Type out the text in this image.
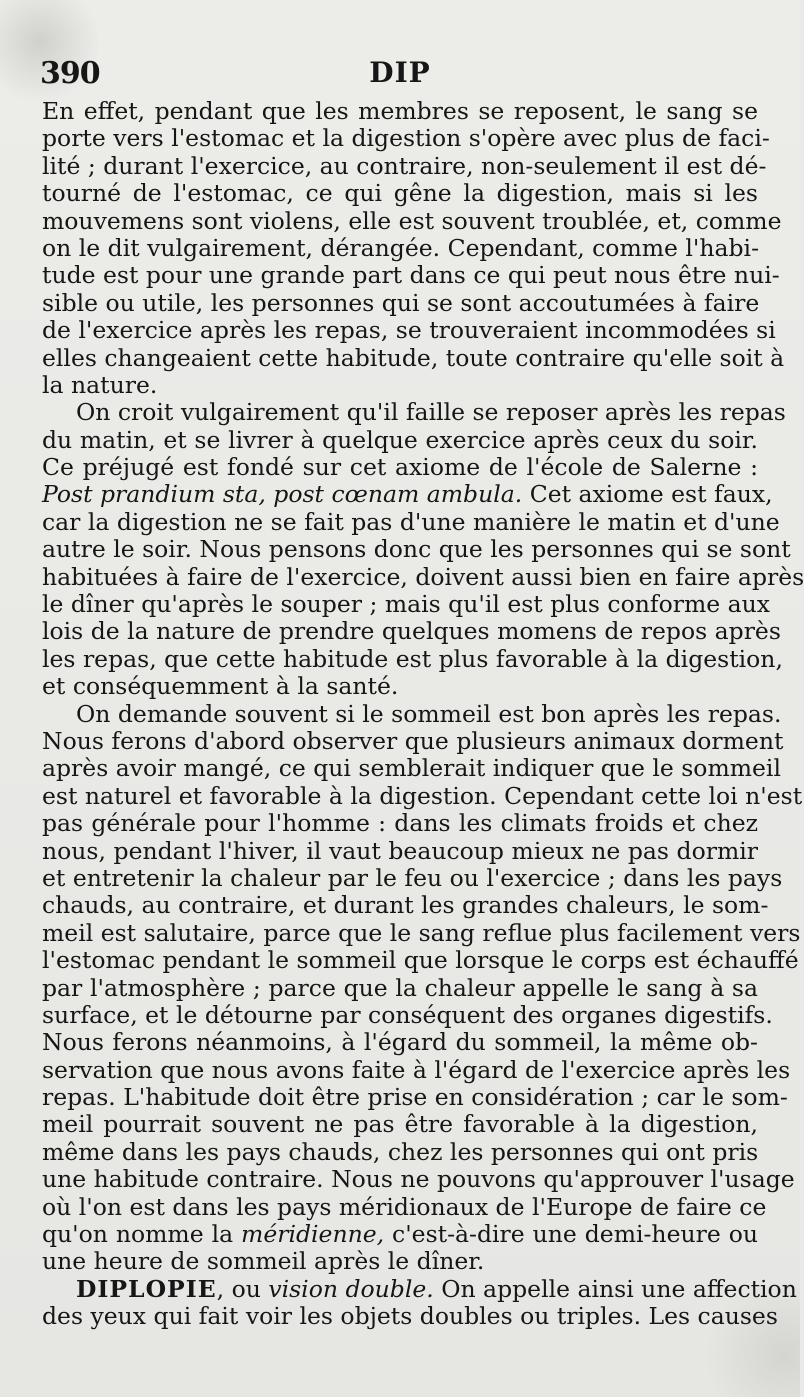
390	DIP
En effet, pendant que les membres se reposent, le sang se
porte vers l'estomac et la digestion s'opère avec plus de faci-
lité ; durant l'exercice, au contraire, non-seulement il est dé-
tourné de l'estomac, ce qui gêne la digestion, mais si les
mouvemens sont violens, elle est souvent troublée, et, comme
on le dit vulgairement, dérangée. Cependant, comme l'habi-
tude est pour une grande part dans ce qui peut nous être nui-
sible ou utile, les personnes qui se sont accoutumées à faire
de l'exercice après les repas, se trouveraient incommodées si
elles changeaient cette habitude, toute contraire qu'elle soit à
la nature.
On croit vulgairement qu'il faille se reposer après les repas
du matin, et se livrer à quelque exercice après ceux du soir.
Ce préjugé est fondé sur cet axiome de l'école de Salerne :
Post prandium sta, post cœnam ambula. Cet axiome est faux,
car la digestion ne se fait pas d'une manière le matin et d'une
autre le soir. Nous pensons donc que les personnes qui se sont
habituées à faire de l'exercice, doivent aussi bien en faire après
le dîner qu'après le souper ; mais qu'il est plus conforme aux
lois de la nature de prendre quelques momens de repos après
les repas, que cette habitude est plus favorable à la digestion,
et conséquemment à la santé.
On demande souvent si le sommeil est bon après les repas.
Nous ferons d'abord observer que plusieurs animaux dorment
après avoir mangé, ce qui semblerait indiquer que le sommeil
est naturel et favorable à la digestion. Cependant cette loi n'est
pas générale pour l'homme : dans les climats froids et chez
nous, pendant l'hiver, il vaut beaucoup mieux ne pas dormir
et entretenir la chaleur par le feu ou l'exercice ; dans les pays
chauds, au contraire, et durant les grandes chaleurs, le som-
meil est salutaire, parce que le sang reflue plus facilement vers
l'estomac pendant le sommeil que lorsque le corps est échauffé
par l'atmosphère ; parce que la chaleur appelle le sang à sa
surface, et le détourne par conséquent des organes digestifs.
Nous ferons néanmoins, à l'égard du sommeil, la même ob-
servation que nous avons faite à l'égard de l'exercice après les
repas. L'habitude doit être prise en considération ; car le som-
meil pourrait souvent ne pas être favorable à la digestion,
même dans les pays chauds, chez les personnes qui ont pris
une habitude contraire. Nous ne pouvons qu'approuver l'usage
où l'on est dans les pays méridionaux de l'Europe de faire ce
qu'on nomme la méridienne, c'est-à-dire une demi-heure ou
une heure de sommeil après le dîner.
DIPLOPIE, ou vision double. On appelle ainsi une affection
des yeux qui fait voir les objets doubles ou triples. Les causes
